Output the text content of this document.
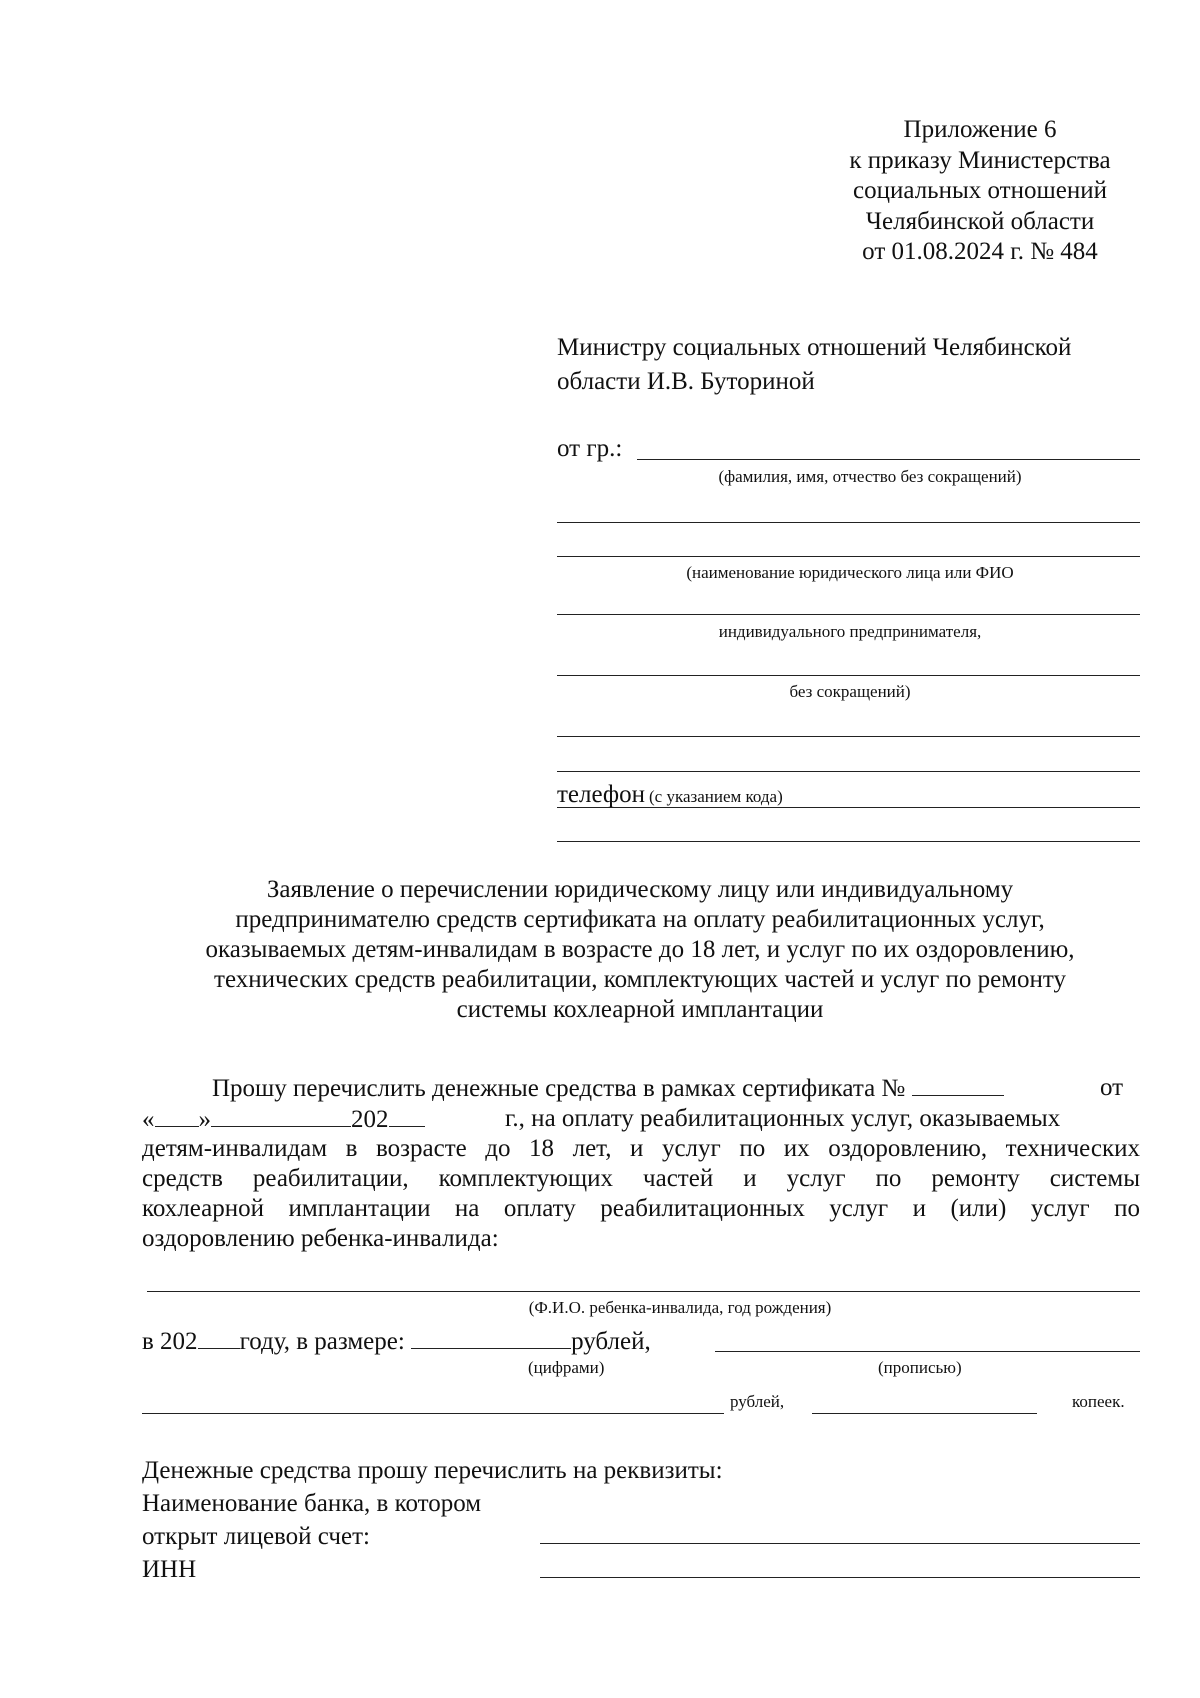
Приложение 6
к приказу Министерства
социальных отношений
Челябинской области
от 01.08.2024 г. № 484
Министру социальных отношений Челябинской
области И.В. Буториной
от гр.:
(фамилия, имя, отчество без сокращений)
(наименование юридического лица или ФИО
индивидуального предпринимателя,
без сокращений)
телефон (с указанием кода)
Заявление о перечислении юридическому лицу или индивидуальному
предпринимателю средств сертификата на оплату реабилитационных услуг,
оказываемых детям-инвалидам в возрасте до 18 лет, и услуг по их оздоровлению,
технических средств реабилитации, комплектующих частей и услуг по ремонту
системы кохлеарной имплантации
Прошу перечислить денежные средства в рамках сертификата №	от
« »	202	г., на оплату реабилитационных услуг, оказываемых
детям-инвалидам в возрасте до 18 лет, и услуг по их оздоровлению, технических
средств реабилитации, комплектующих частей и услуг по ремонту системы
кохлеарной имплантации на оплату реабилитационных услуг и (или) услуг по
оздоровлению ребенка-инвалида:
(Ф.И.О. ребенка-инвалида, год рождения)
в 202 году, в размере:	рублей,
(цифрами)	(прописью)
рублей,	копеек.
Денежные средства прошу перечислить на реквизиты:
Наименование банка, в котором
открыт лицевой счет:
ИНН
